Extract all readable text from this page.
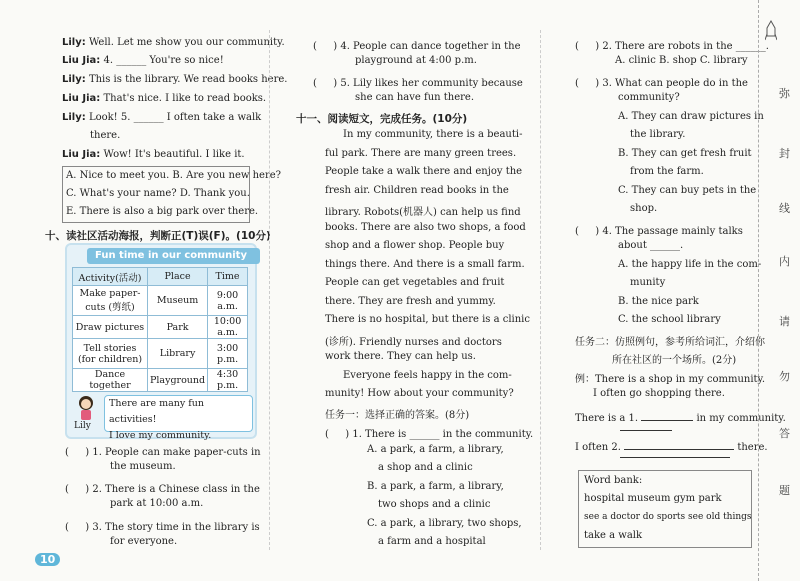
Lily: Well. Let me show you our community.
Liu Jia: 4. ______ You're so nice!
Lily: This is the library. We read books here.
Liu Jia: That's nice. I like to read books.
Lily: Look! 5. ______ I often take a walk
there.
Liu Jia: Wow! It's beautiful. I like it.
A. Nice to meet you. B. Are you new here?
C. What's your name? D. Thank you.
E. There is also a big park over there.
十、读社区活动海报，判断正(T)误(F)。(10分)
Fun time in our community
Activity(活动)	Place	Time
Make paper-cuts (剪纸)	Museum	9:00 a.m.
Draw pictures	Park	10:00 a.m.
Tell stories (for children)	Library	3:00 p.m.
Dance together	Playground	4:30 p.m.
Lily
There are many fun activities!
I love my community.
( 　 ) 1. People can make paper-cuts in
the museum.
( 　 ) 2. There is a Chinese class in the
park at 10:00 a.m.
( 　 ) 3. The story time in the library is
for everyone.
10
( 　 ) 4. People can dance together in the
playground at 4:00 p.m.
( 　 ) 5. Lily likes her community because
she can have fun there.
十一、阅读短文，完成任务。(10分)
In my community, there is a beauti-
ful park. There are many green trees.
People take a walk there and enjoy the
fresh air. Children read books in the
library. Robots(机器人) can help us find
books. There are also two shops, a food
shop and a flower shop. People buy
things there. And there is a small farm.
People can get vegetables and fruit
there. They are fresh and yummy.
There is no hospital, but there is a clinic
(诊所). Friendly nurses and doctors
work there. They can help us.
Everyone feels happy in the com-
munity! How about your community?
任务一：选择正确的答案。(8分)
( 　 ) 1. There is ______ in the community.
A. a park, a farm, a library,
a shop and a clinic
B. a park, a farm, a library,
two shops and a clinic
C. a park, a library, two shops,
a farm and a hospital
( 　 ) 2. There are robots in the ______.
A. clinic B. shop C. library
( 　 ) 3. What can people do in the
community?
A. They can draw pictures in
the library.
B. They can get fresh fruit
from the farm.
C. They can buy pets in the
shop.
( 　 ) 4. The passage mainly talks
about ______.
A. the happy life in the com-
munity
B. the nice park
C. the school library
任务二：仿照例句，参考所给词汇，介绍你
所在社区的一个场所。(2分)
例：There is a shop in my community.
I often go shopping there.
There is a 1.	in my community.
I often 2.	there.
Word bank:
hospital museum gym park
see a doctor do sports see old things
take a walk
弥
封
线
内
请
勿
答
题
